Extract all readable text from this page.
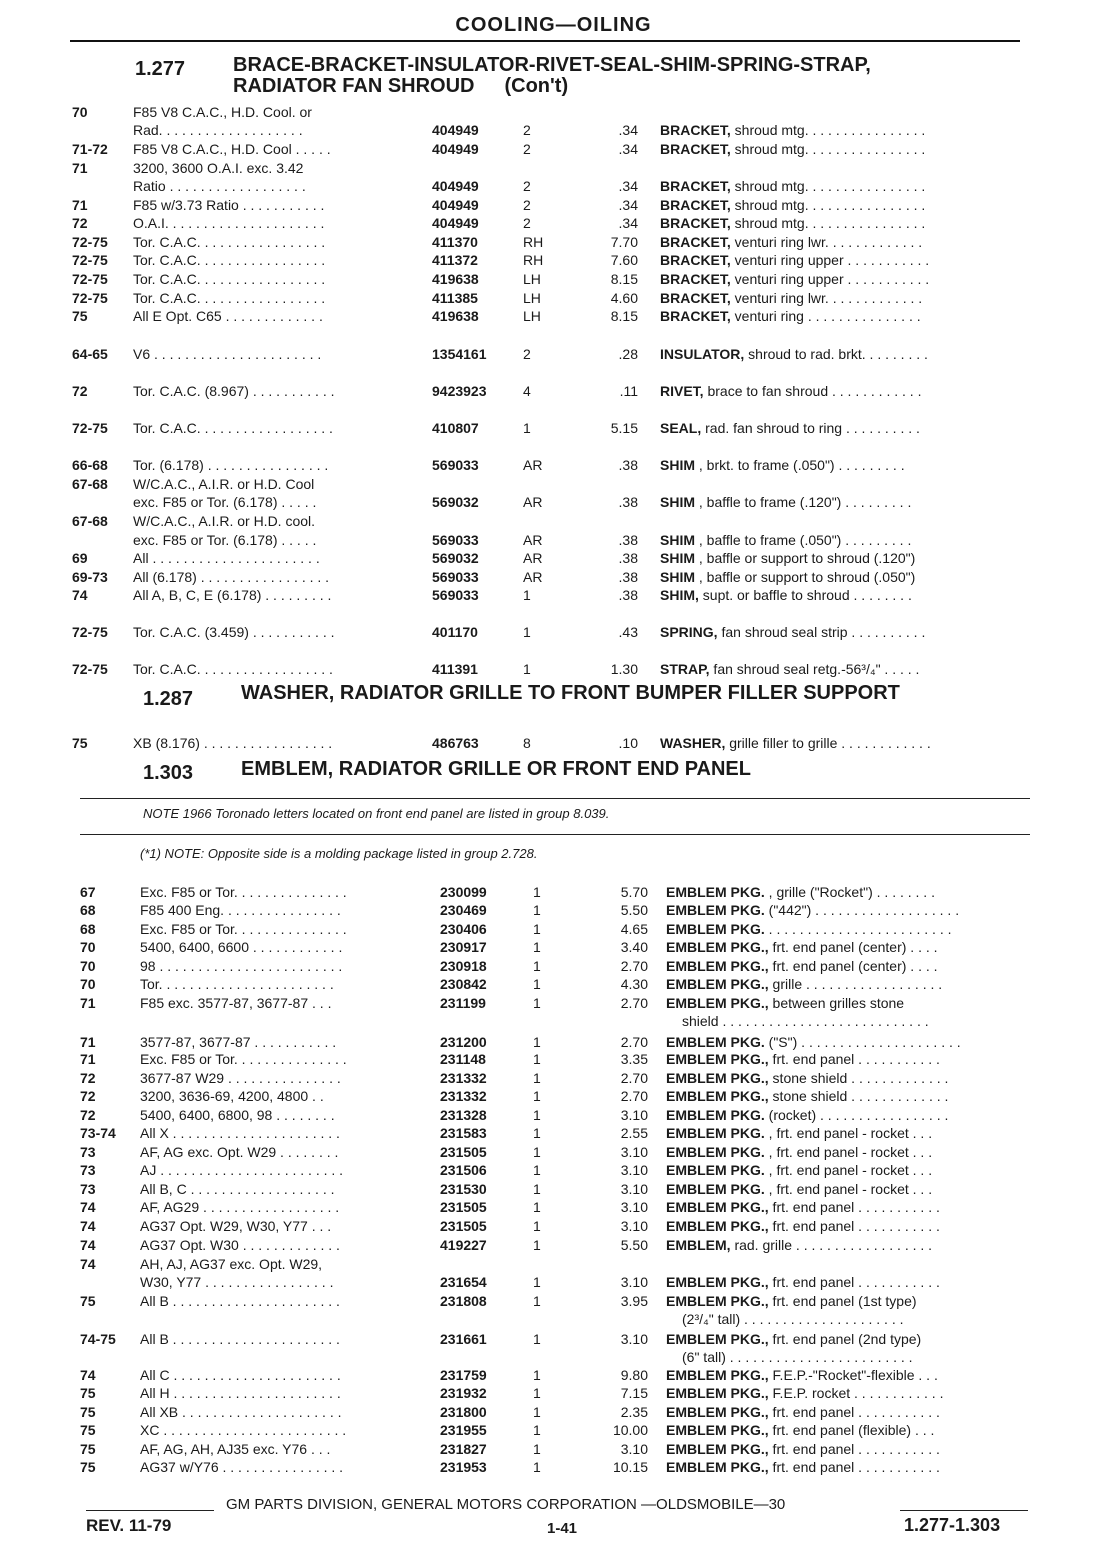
COOLING—OILING
1.277 BRACE-BRACKET-INSULATOR-RIVET-SEAL-SHIM-SPRING-STRAP,
RADIATOR FAN SHROUD (Con't)
1.287 WASHER, RADIATOR GRILLE TO FRONT BUMPER FILLER SUPPORT
1.303 EMBLEM, RADIATOR GRILLE OR FRONT END PANEL
NOTE 1966 Toronado letters located on front end panel are listed in group 8.039.
(*1) NOTE: Opposite side is a molding package listed in group 2.728.
70	F85 V8 C.A.C., H.D. Cool. or
Rad. . . . . . . . . . . . . . . . . . .	404949	2	.34 BRACKET, shroud mtg. . . . . . . . . . . . . . . .
71-72	F85 V8 C.A.C., H.D. Cool . . . . .	404949	2	.34 BRACKET, shroud mtg. . . . . . . . . . . . . . . .
71	3200, 3600 O.A.I. exc. 3.42
Ratio . . . . . . . . . . . . . . . . . .	404949	2	.34 BRACKET, shroud mtg. . . . . . . . . . . . . . . .
71	F85 w/3.73 Ratio . . . . . . . . . . .	404949	2	.34 BRACKET, shroud mtg. . . . . . . . . . . . . . . .
72	O.A.I. . . . . . . . . . . . . . . . . . . . .	404949	2	.34 BRACKET, shroud mtg. . . . . . . . . . . . . . . .
72-75	Tor. C.A.C. . . . . . . . . . . . . . . . .	411370	RH	7.70 BRACKET, venturi ring lwr. . . . . . . . . . . . .
72-75	Tor. C.A.C. . . . . . . . . . . . . . . . .	411372	RH	7.60 BRACKET, venturi ring upper . . . . . . . . . . .
72-75	Tor. C.A.C. . . . . . . . . . . . . . . . .	419638	LH	8.15 BRACKET, venturi ring upper . . . . . . . . . . .
72-75	Tor. C.A.C. . . . . . . . . . . . . . . . .	411385	LH	4.60 BRACKET, venturi ring lwr. . . . . . . . . . . . .
75	All E Opt. C65 . . . . . . . . . . . . .	419638	LH	8.15 BRACKET, venturi ring . . . . . . . . . . . . . . .
64-65	V6 . . . . . . . . . . . . . . . . . . . . . .	1354161	2	.28 INSULATOR, shroud to rad. brkt. . . . . . . . .
72	Tor. C.A.C. (8.967) . . . . . . . . . . .	9423923	4	.11 RIVET, brace to fan shroud . . . . . . . . . . . .
72-75	Tor. C.A.C. . . . . . . . . . . . . . . . . .	410807	1	5.15 SEAL, rad. fan shroud to ring . . . . . . . . . .
66-68	Tor. (6.178) . . . . . . . . . . . . . . . .	569033	AR	.38 SHIM , brkt. to frame (.050") . . . . . . . . .
67-68	W/C.A.C., A.I.R. or H.D. Cool
exc. F85 or Tor. (6.178) . . . . .	569032	AR	.38 SHIM , baffle to frame (.120") . . . . . . . . .
67-68	W/C.A.C., A.I.R. or H.D. cool.
exc. F85 or Tor. (6.178) . . . . .	569033	AR	.38 SHIM , baffle to frame (.050") . . . . . . . . .
69	All . . . . . . . . . . . . . . . . . . . . . .	569032	AR	.38 SHIM , baffle or support to shroud (.120")
69-73	All (6.178) . . . . . . . . . . . . . . . . .	569033	AR	.38 SHIM , baffle or support to shroud (.050")
74	All A, B, C, E (6.178) . . . . . . . . .	569033	1	.38 SHIM, supt. or baffle to shroud . . . . . . . .
72-75	Tor. C.A.C. (3.459) . . . . . . . . . . .	401170	1	.43 SPRING, fan shroud seal strip . . . . . . . . . .
72-75	Tor. C.A.C. . . . . . . . . . . . . . . . . .	411391	1	1.30 STRAP, fan shroud seal retg.-56³/₄" . . . . .
75	XB (8.176) . . . . . . . . . . . . . . . . .	486763	8	.10 WASHER, grille filler to grille . . . . . . . . . . . .
67	Exc. F85 or Tor. . . . . . . . . . . . . . .	230099	1	5.70 EMBLEM PKG. , grille ("Rocket") . . . . . . . .
68	F85 400 Eng. . . . . . . . . . . . . . . .	230469	1	5.50 EMBLEM PKG. ("442") . . . . . . . . . . . . . . . . . . .
68	Exc. F85 or Tor. . . . . . . . . . . . . . .	230406	1	4.65 EMBLEM PKG. . . . . . . . . . . . . . . . . . . . . . . . .
70	5400, 6400, 6600 . . . . . . . . . . . .	230917	1	3.40 EMBLEM PKG., frt. end panel (center) . . . .
70	98 . . . . . . . . . . . . . . . . . . . . . . . .	230918	1	2.70 EMBLEM PKG., frt. end panel (center) . . . .
70	Tor. . . . . . . . . . . . . . . . . . . . . . .	230842	1	4.30 EMBLEM PKG., grille . . . . . . . . . . . . . . . . . .
71	F85 exc. 3577-87, 3677-87 . . .	231199	1	2.70 EMBLEM PKG., between grilles stone
shield . . . . . . . . . . . . . . . . . . . . . . . . . . .
71	3577-87, 3677-87 . . . . . . . . . . .	231200	1	2.70 EMBLEM PKG. ("S") . . . . . . . . . . . . . . . . . . . . .
71	Exc. F85 or Tor. . . . . . . . . . . . . . .	231148	1	3.35 EMBLEM PKG., frt. end panel . . . . . . . . . . .
72	3677-87 W29 . . . . . . . . . . . . . . .	231332	1	2.70 EMBLEM PKG., stone shield . . . . . . . . . . . . .
72	3200, 3636-69, 4200, 4800 . .	231332	1	2.70 EMBLEM PKG., stone shield . . . . . . . . . . . . .
72	5400, 6400, 6800, 98 . . . . . . . .	231328	1	3.10 EMBLEM PKG. (rocket) . . . . . . . . . . . . . . . . .
73-74	All X . . . . . . . . . . . . . . . . . . . . . .	231583	1	2.55 EMBLEM PKG. , frt. end panel - rocket . . .
73	AF, AG exc. Opt. W29 . . . . . . . .	231505	1	3.10 EMBLEM PKG. , frt. end panel - rocket . . .
73	AJ . . . . . . . . . . . . . . . . . . . . . . . .	231506	1	3.10 EMBLEM PKG. , frt. end panel - rocket . . .
73	All B, C . . . . . . . . . . . . . . . . . . .	231530	1	3.10 EMBLEM PKG. , frt. end panel - rocket . . .
74	AF, AG29 . . . . . . . . . . . . . . . . . .	231505	1	3.10 EMBLEM PKG., frt. end panel . . . . . . . . . . .
74	AG37 Opt. W29, W30, Y77 . . .	231505	1	3.10 EMBLEM PKG., frt. end panel . . . . . . . . . . .
74	AG37 Opt. W30 . . . . . . . . . . . . .	419227	1	5.50 EMBLEM, rad. grille . . . . . . . . . . . . . . . . . .
74	AH, AJ, AG37 exc. Opt. W29,
W30, Y77 . . . . . . . . . . . . . . . . .	231654	1	3.10 EMBLEM PKG., frt. end panel . . . . . . . . . . .
75	All B . . . . . . . . . . . . . . . . . . . . . .	231808	1	3.95 EMBLEM PKG., frt. end panel (1st type)
(2³/₄" tall) . . . . . . . . . . . . . . . . . . . . .
74-75	All B . . . . . . . . . . . . . . . . . . . . . .	231661	1	3.10 EMBLEM PKG., frt. end panel (2nd type)
(6" tall) . . . . . . . . . . . . . . . . . . . . . . . .
74	All C . . . . . . . . . . . . . . . . . . . . . .	231759	1	9.80 EMBLEM PKG., F.E.P.-"Rocket"-flexible . . .
75	All H . . . . . . . . . . . . . . . . . . . . . .	231932	1	7.15 EMBLEM PKG., F.E.P. rocket . . . . . . . . . . . .
75	All XB . . . . . . . . . . . . . . . . . . . . .	231800	1	2.35 EMBLEM PKG., frt. end panel . . . . . . . . . . .
75	XC . . . . . . . . . . . . . . . . . . . . . . . .	231955	1	10.00 EMBLEM PKG., frt. end panel (flexible) . . .
75	AF, AG, AH, AJ35 exc. Y76 . . .	231827	1	3.10 EMBLEM PKG., frt. end panel . . . . . . . . . . .
75	AG37 w/Y76 . . . . . . . . . . . . . . . .	231953	1	10.15 EMBLEM PKG., frt. end panel . . . . . . . . . . .
GM PARTS DIVISION, GENERAL MOTORS CORPORATION —OLDSMOBILE—30
REV. 11-79	1-41	1.277-1.303
